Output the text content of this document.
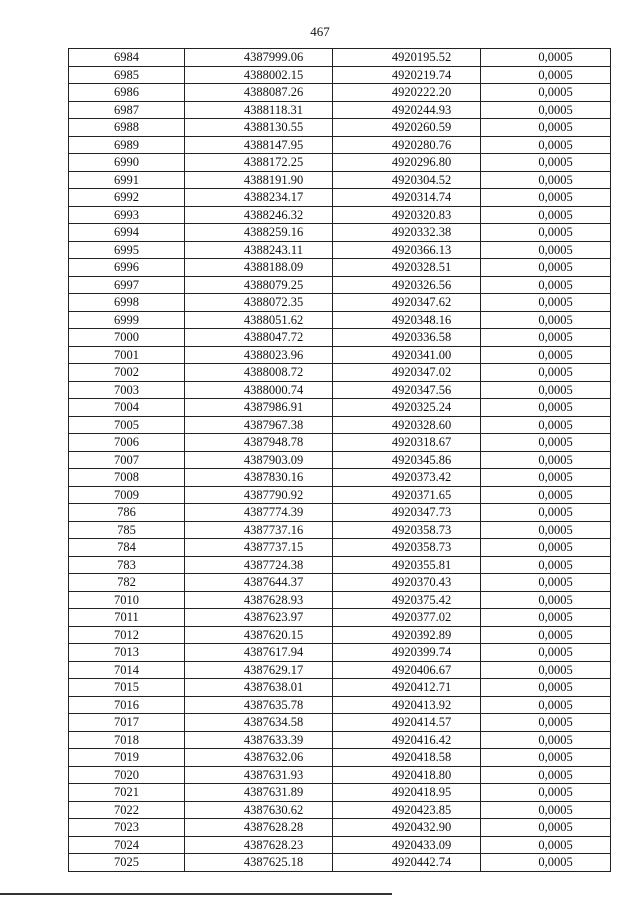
467
6984	4387999.06	4920195.52	0,0005
6985	4388002.15	4920219.74	0,0005
6986	4388087.26	4920222.20	0,0005
6987	4388118.31	4920244.93	0,0005
6988	4388130.55	4920260.59	0,0005
6989	4388147.95	4920280.76	0,0005
6990	4388172.25	4920296.80	0,0005
6991	4388191.90	4920304.52	0,0005
6992	4388234.17	4920314.74	0,0005
6993	4388246.32	4920320.83	0,0005
6994	4388259.16	4920332.38	0,0005
6995	4388243.11	4920366.13	0,0005
6996	4388188.09	4920328.51	0,0005
6997	4388079.25	4920326.56	0,0005
6998	4388072.35	4920347.62	0,0005
6999	4388051.62	4920348.16	0,0005
7000	4388047.72	4920336.58	0,0005
7001	4388023.96	4920341.00	0,0005
7002	4388008.72	4920347.02	0,0005
7003	4388000.74	4920347.56	0,0005
7004	4387986.91	4920325.24	0,0005
7005	4387967.38	4920328.60	0,0005
7006	4387948.78	4920318.67	0,0005
7007	4387903.09	4920345.86	0,0005
7008	4387830.16	4920373.42	0,0005
7009	4387790.92	4920371.65	0,0005
786	4387774.39	4920347.73	0,0005
785	4387737.16	4920358.73	0,0005
784	4387737.15	4920358.73	0,0005
783	4387724.38	4920355.81	0,0005
782	4387644.37	4920370.43	0,0005
7010	4387628.93	4920375.42	0,0005
7011	4387623.97	4920377.02	0,0005
7012	4387620.15	4920392.89	0,0005
7013	4387617.94	4920399.74	0,0005
7014	4387629.17	4920406.67	0,0005
7015	4387638.01	4920412.71	0,0005
7016	4387635.78	4920413.92	0,0005
7017	4387634.58	4920414.57	0,0005
7018	4387633.39	4920416.42	0,0005
7019	4387632.06	4920418.58	0,0005
7020	4387631.93	4920418.80	0,0005
7021	4387631.89	4920418.95	0,0005
7022	4387630.62	4920423.85	0,0005
7023	4387628.28	4920432.90	0,0005
7024	4387628.23	4920433.09	0,0005
7025	4387625.18	4920442.74	0,0005
